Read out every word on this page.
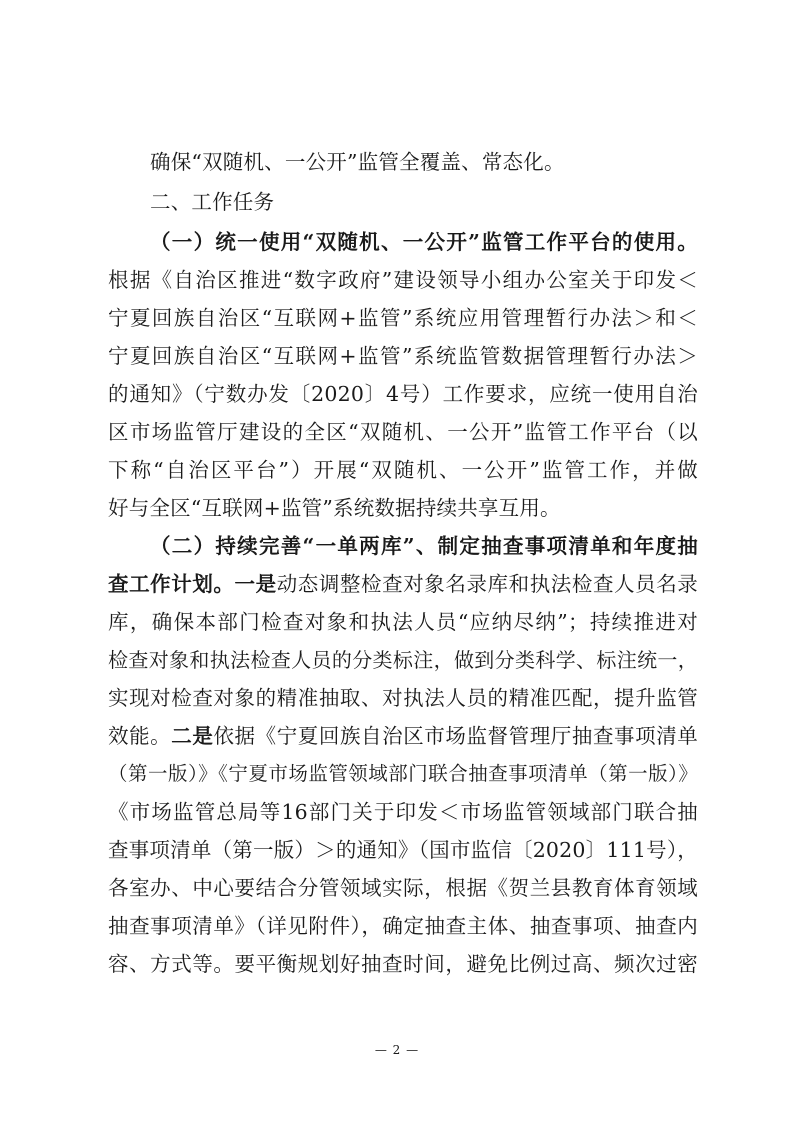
确保“双随机、一公开”监管全覆盖、常态化。
二、工作任务
（一）统一使用“双随机、一公开”监管工作平台的使用。
根据《自治区推进“数字政府”建设领导小组办公室关于印发＜
宁夏回族自治区“互联网+监管”系统应用管理暂行办法＞和＜
宁夏回族自治区“互联网+监管”系统监管数据管理暂行办法＞
的通知》（宁数办发〔2020〕4号）工作要求，应统一使用自治
区市场监管厅建设的全区“双随机、一公开”监管工作平台（以
下称“自治区平台”）开展“双随机、一公开”监管工作，并做
好与全区“互联网+监管”系统数据持续共享互用。
（二）持续完善“一单两库”、制定抽查事项清单和年度抽
查工作计划。一是动态调整检查对象名录库和执法检查人员名录
库，确保本部门检查对象和执法人员“应纳尽纳”；持续推进对
检查对象和执法检查人员的分类标注，做到分类科学、标注统一，
实现对检查对象的精准抽取、对执法人员的精准匹配，提升监管
效能。二是依据《宁夏回族自治区市场监督管理厅抽查事项清单
（第一版）》《宁夏市场监管领域部门联合抽查事项清单（第一版）》
《市场监管总局等16部门关于印发＜市场监管领域部门联合抽
查事项清单（第一版）＞的通知》（国市监信〔2020〕111号），
各室办、中心要结合分管领域实际，根据《贺兰县教育体育领域
抽查事项清单》（详见附件），确定抽查主体、抽查事项、抽查内
容、方式等。要平衡规划好抽查时间，避免比例过高、频次过密
— 2 —
